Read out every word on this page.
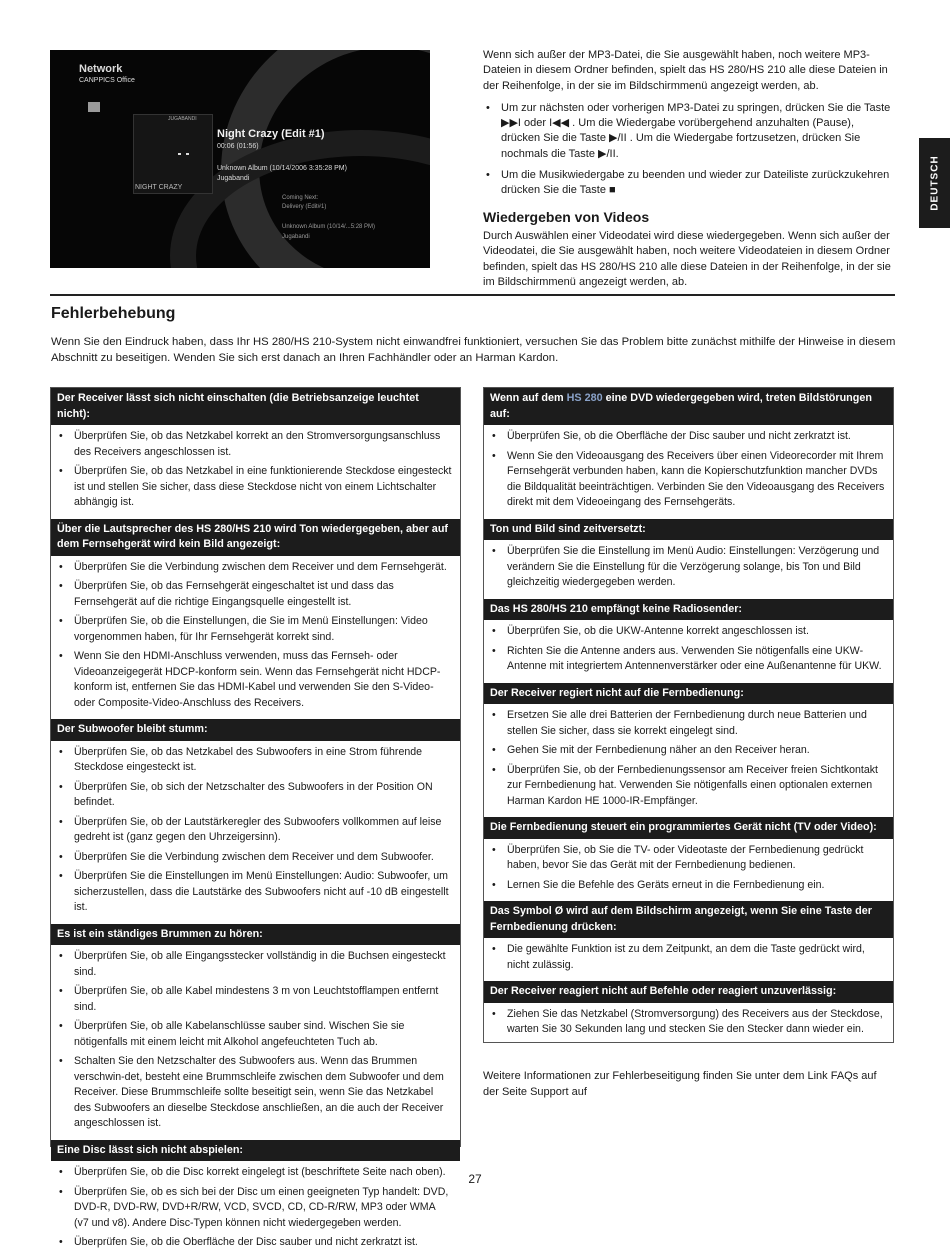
Network
CANPPICS Office
JUGABANDI
NIGHT CRAZY
Night Crazy (Edit #1)
00:06 (01:56)
Unknown Album (10/14/2006 3:35:28 PM)
Jugabandi
Coming Next:
Delivery (Edit#1)
Unknown Album (10/14/...5:28 PM)
Jugabandi

Wenn sich außer der MP3-Datei, die Sie ausgewählt haben, noch weitere MP3-Dateien in diesem Ordner befinden, spielt das HS 280/HS 210 alle diese Dateien in der Reihenfolge, in der sie im Bildschirmmenü angezeigt werden, ab.

• Um zur nächsten oder vorherigen MP3-Datei zu springen, drücken Sie die Taste ▶▶I oder I◀◀ . Um die Wiedergabe vorübergehend anzuhalten (Pause), drücken Sie die Taste ▶/II . Um die Wiedergabe fortzusetzen, drücken Sie nochmals die Taste ▶/II.
• Um die Musikwiedergabe zu beenden und wieder zur Dateiliste zurückzukehren drücken Sie die Taste ■
Wiedergeben von Videos

Durch Auswählen einer Videodatei wird diese wiedergegeben. Wenn sich außer der Videodatei, die Sie ausgewählt haben, noch weitere Videodateien in diesem Ordner befinden, spielt das HS 280/HS 210 alle diese Dateien in der Reihenfolge, in der sie im Bildschirmmenü angezeigt werden, ab.

DEUTSCH
Fehlerbehebung

Wenn Sie den Eindruck haben, dass Ihr HS 280/HS 210-System nicht einwandfrei funktioniert, versuchen Sie das Problem bitte zunächst mithilfe der Hinweise in diesem Abschnitt zu beseitigen. Wenden Sie sich erst danach an Ihren Fachhändler oder an Harman Kardon.

Der Receiver lässt sich nicht einschalten (die Betriebsanzeige leuchtet nicht):
• Überprüfen Sie, ob das Netzkabel korrekt an den Stromversorgungsanschluss des Receivers angeschlossen ist.
• Überprüfen Sie, ob das Netzkabel in eine funktionierende Steckdose eingesteckt ist und stellen Sie sicher, dass diese Steckdose nicht von einem Lichtschalter abhängig ist.
Über die Lautsprecher des HS 280/HS 210 wird Ton wiedergegeben, aber auf dem Fernsehgerät wird kein Bild angezeigt:
• Überprüfen Sie die Verbindung zwischen dem Receiver und dem Fernsehgerät.
• Überprüfen Sie, ob das Fernsehgerät eingeschaltet ist und dass das Fernsehgerät auf die richtige Eingangsquelle eingestellt ist.
• Überprüfen Sie, ob die Einstellungen, die Sie im Menü Einstellungen: Video vorgenommen haben, für Ihr Fernsehgerät korrekt sind.
• Wenn Sie den HDMI-Anschluss verwenden, muss das Fernseh- oder Videoanzeigegerät HDCP-konform sein. Wenn das Fernsehgerät nicht HDCP-konform ist, entfernen Sie das HDMI-Kabel und verwenden Sie den S-Video- oder Composite-Video-Anschluss des Receivers.
Der Subwoofer bleibt stumm:
• Überprüfen Sie, ob das Netzkabel des Subwoofers in eine Strom führende Steckdose eingesteckt ist.
• Überprüfen Sie, ob sich der Netzschalter des Subwoofers in der Position ON befindet.
• Überprüfen Sie, ob der Lautstärkeregler des Subwoofers vollkommen auf leise gedreht ist (ganz gegen den Uhrzeigersinn).
• Überprüfen Sie die Verbindung zwischen dem Receiver und dem Subwoofer.
• Überprüfen Sie die Einstellungen im Menü Einstellungen: Audio: Subwoofer, um sicherzustellen, dass die Lautstärke des Subwoofers nicht auf -10 dB eingestellt ist.
Es ist ein ständiges Brummen zu hören:
• Überprüfen Sie, ob alle Eingangsstecker vollständig in die Buchsen eingesteckt sind.
• Überprüfen Sie, ob alle Kabel mindestens 3 m von Leuchtstofflampen entfernt sind.
• Überprüfen Sie, ob alle Kabelanschlüsse sauber sind. Wischen Sie sie nötigenfalls mit einem leicht mit Alkohol angefeuchteten Tuch ab.
• Schalten Sie den Netzschalter des Subwoofers aus. Wenn das Brummen verschwin-det, besteht eine Brummschleife zwischen dem Subwoofer und dem Receiver. Diese Brummschleife sollte beseitigt sein, wenn Sie das Netzkabel des Subwoofers an dieselbe Steckdose anschließen, an die auch der Receiver angeschlossen ist.
Eine Disc lässt sich nicht abspielen:
• Überprüfen Sie, ob die Disc korrekt eingelegt ist (beschriftete Seite nach oben).
• Überprüfen Sie, ob es sich bei der Disc um einen geeigneten Typ handelt: DVD, DVD-R, DVD-RW, DVD+R/RW, VCD, SVCD, CD, CD-R/RW, MP3 oder WMA (v7 und v8). Andere Disc-Typen können nicht wiedergegeben werden.
• Überprüfen Sie, ob die Oberfläche der Disc sauber und nicht zerkratzt ist.
Wenn auf dem HS 280 eine DVD wiedergegeben wird, treten Bildstörungen auf:
• Überprüfen Sie, ob die Oberfläche der Disc sauber und nicht zerkratzt ist.
• Wenn Sie den Videoausgang des Receivers über einen Videorecorder mit Ihrem Fernsehgerät verbunden haben, kann die Kopierschutzfunktion mancher DVDs die Bildqualität beeinträchtigen. Verbinden Sie den Videoausgang des Receivers direkt mit dem Videoeingang des Fernsehgeräts.
Ton und Bild sind zeitversetzt:
• Überprüfen Sie die Einstellung im Menü Audio: Einstellungen: Verzögerung und verändern Sie die Einstellung für die Verzögerung solange, bis Ton und Bild gleichzeitig wiedergegeben werden.
Das HS 280/HS 210 empfängt keine Radiosender:
• Überprüfen Sie, ob die UKW-Antenne korrekt angeschlossen ist.
• Richten Sie die Antenne anders aus. Verwenden Sie nötigenfalls eine UKW-Antenne mit integriertem Antennenverstärker oder eine Außenantenne für UKW.
Der Receiver regiert nicht auf die Fernbedienung:
• Ersetzen Sie alle drei Batterien der Fernbedienung durch neue Batterien und stellen Sie sicher, dass sie korrekt eingelegt sind.
• Gehen Sie mit der Fernbedienung näher an den Receiver heran.
• Überprüfen Sie, ob der Fernbedienungssensor am Receiver freien Sichtkontakt zur Fernbedienung hat. Verwenden Sie nötigenfalls einen optionalen externen Harman Kardon HE 1000-IR-Empfänger.
Die Fernbedienung steuert ein programmiertes Gerät nicht (TV oder Video):
• Überprüfen Sie, ob Sie die TV- oder Videotaste der Fernbedienung gedrückt haben, bevor Sie das Gerät mit der Fernbedienung bedienen.
• Lernen Sie die Befehle des Geräts erneut in die Fernbedienung ein.
Das Symbol Ø wird auf dem Bildschirm angezeigt, wenn Sie eine Taste der Fernbedienung drücken:
• Die gewählte Funktion ist zu dem Zeitpunkt, an dem die Taste gedrückt wird, nicht zulässig.
Der Receiver reagiert nicht auf Befehle oder reagiert unzuverlässig:
• Ziehen Sie das Netzkabel (Stromversorgung) des Receivers aus der Steckdose, warten Sie 30 Sekunden lang und stecken Sie den Stecker dann wieder ein.
Weitere Informationen zur Fehlerbeseitigung finden Sie unter dem Link FAQs auf der Seite Support auf
27
